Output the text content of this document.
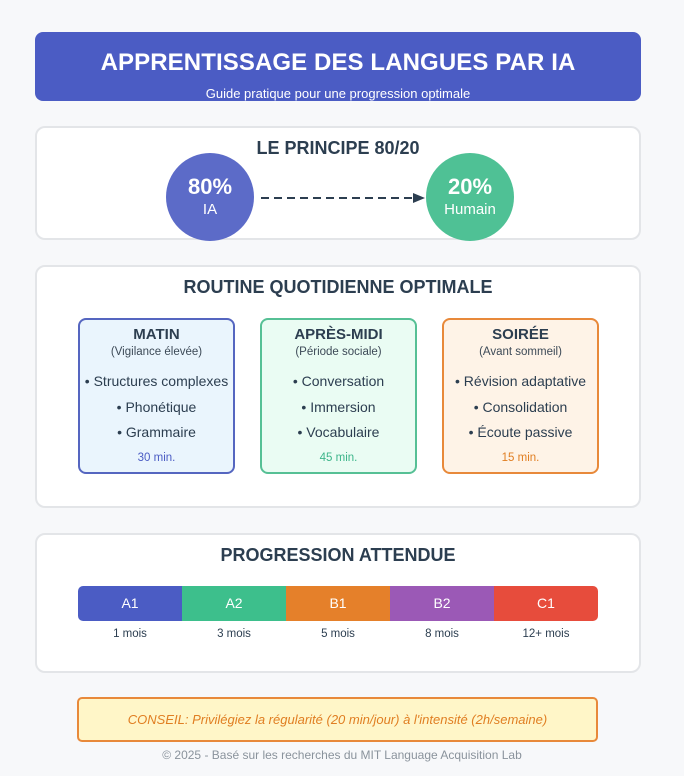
APPRENTISSAGE DES LANGUES PAR IA
Guide pratique pour une progression optimale
LE PRINCIPE 80/20
80%
IA
20%
Humain
ROUTINE QUOTIDIENNE OPTIMALE
MATIN
(Vigilance élevée)
• Structures complexes
• Phonétique
• Grammaire
30 min.
APRÈS-MIDI
(Période sociale)
• Conversation
• Immersion
• Vocabulaire
45 min.
SOIRÉE
(Avant sommeil)
• Révision adaptative
• Consolidation
• Écoute passive
15 min.
PROGRESSION ATTENDUE
A1	A2	B1	B2	C1
1 mois	3 mois	5 mois	8 mois	12+ mois
CONSEIL: Privilégiez la régularité (20 min/jour) à l'intensité (2h/semaine)
© 2025 - Basé sur les recherches du MIT Language Acquisition Lab
